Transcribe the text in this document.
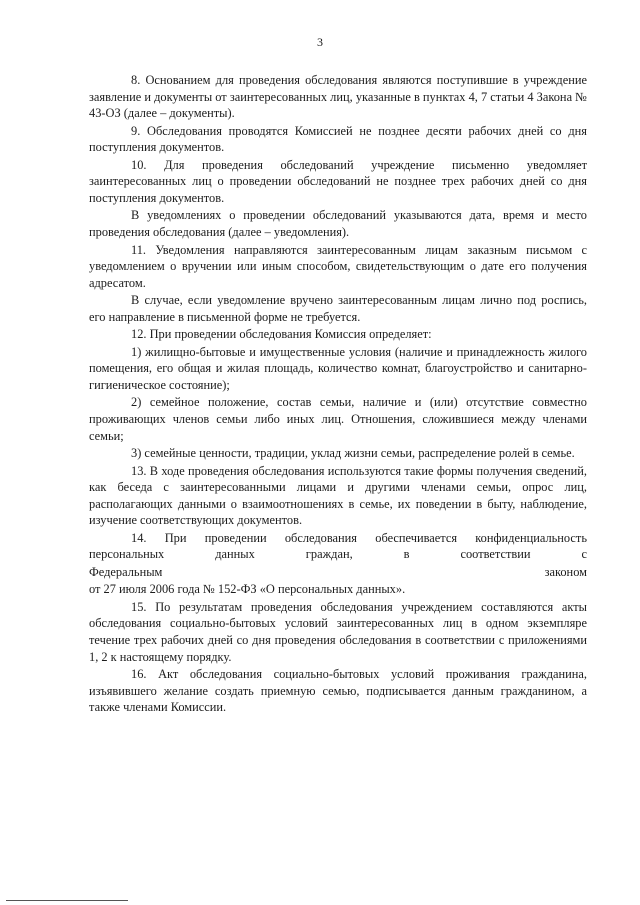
3

8. Основанием для проведения обследования являются поступившие в учреждение заявление и документы от заинтересованных лиц, указанные в пунктах 4, 7 статьи 4 Закона № 43-ОЗ (далее – документы).

9. Обследования проводятся Комиссией не позднее десяти рабочих дней со дня поступления документов.

10. Для проведения обследований учреждение письменно уведомляет заинтересованных лиц о проведении обследований не позднее трех рабочих дней со дня поступления документов.

В уведомлениях о проведении обследований указываются дата, время и место проведения обследования (далее – уведомления).

11. Уведомления направляются заинтересованным лицам заказным письмом с уведомлением о вручении или иным способом, свидетельствующим о дате его получения адресатом.

В случае, если уведомление вручено заинтересованным лицам лично под роспись, его направление в письменной форме не требуется.

12. При проведении обследования Комиссия определяет:

1) жилищно-бытовые и имущественные условия (наличие и принадлежность жилого помещения, его общая и жилая площадь, количество комнат, благоустройство и санитарно-гигиеническое состояние);

2) семейное положение, состав семьи, наличие и (или) отсутствие совместно проживающих членов семьи либо иных лиц. Отношения, сложившиеся между членами семьи;

3) семейные ценности, традиции, уклад жизни семьи, распределение ролей в семье.

13. В ходе проведения обследования используются такие формы получения сведений, как беседа с заинтересованными лицами и другими членами семьи, опрос лиц, располагающих данными о взаимоотношениях в семье, их поведении в быту, наблюдение, изучение соответствующих документов.

14. При проведении обследования обеспечивается конфиденциальность персональных данных граждан, в соответствии с

Федеральным	законом

от 27 июля 2006 года № 152-ФЗ «О персональных данных».

15. По результатам проведения обследования учреждением составляются акты обследования социально-бытовых условий заинтересованных лиц в одном экземпляре течение трех рабочих дней со дня проведения обследования в соответствии с приложениями 1, 2 к настоящему порядку.

16. Акт обследования социально-бытовых условий проживания гражданина, изъявившего желание создать приемную семью, подписывается данным гражданином, а также членами Комиссии.
